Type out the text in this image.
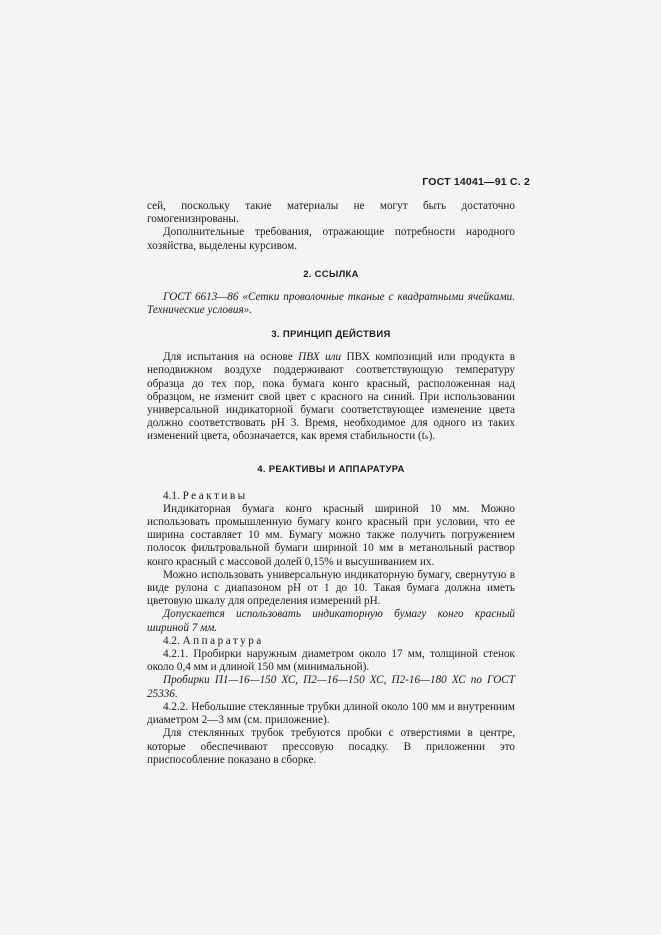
ГОСТ 14041—91 С. 2

сей, поскольку такие материалы не могут быть достаточно гомогенизированы.

Дополнительные требования, отражающие потребности народного хозяйства, выделены курсивом.

2. ССЫЛКА

ГОСТ 6613—86 «Сетки проволочные тканые с квадратными ячейками. Технические условия».

3. ПРИНЦИП ДЕЙСТВИЯ

Для испытания на основе ПВХ или ПВХ композиций или продукта в неподвижном воздухе поддерживают соответствующую температуру образца до тех пор, пока бумага конго красный, расположенная над образцом, не изменит свой цвет с красного на синий. При использовании универсальной индикаторной бумаги соответствующее изменение цвета должно соответствовать pH 3. Время, необходимое для одного из таких изменений цвета, обозначается, как время стабильности (tₛ).

4. РЕАКТИВЫ И АППАРАТУРА

4.1. Реактивы

Индикаторная бумага конго красный шириной 10 мм. Можно использовать промышленную бумагу конго красный при условии, что ее ширина составляет 10 мм. Бумагу можно также получить погружением полосок фильтровальной бумаги шириной 10 мм в метанольный раствор конго красный с массовой долей 0,15% и высушиванием их.

Можно использовать универсальную индикаторную бумагу, свернутую в виде рулона с диапазоном pH от 1 до 10. Такая бумага должна иметь цветовую шкалу для определения измерений pH.

Допускается использовать индикаторную бумагу конго красный шириной 7 мм.

4.2. Аппаратура

4.2.1. Пробирки наружным диаметром около 17 мм, толщиной стенок около 0,4 мм и длиной 150 мм (минимальной).

Пробирки П1—16—150 ХС, П2—16—150 ХС, П2-16—180 ХС по ГОСТ 25336.

4.2.2. Небольшие стеклянные трубки длиной около 100 мм и внутренним диаметром 2—3 мм (см. приложение).

Для стеклянных трубок требуются пробки с отверстиями в центре, которые обеспечивают прессовую посадку. В приложении это приспособление показано в сборке.
